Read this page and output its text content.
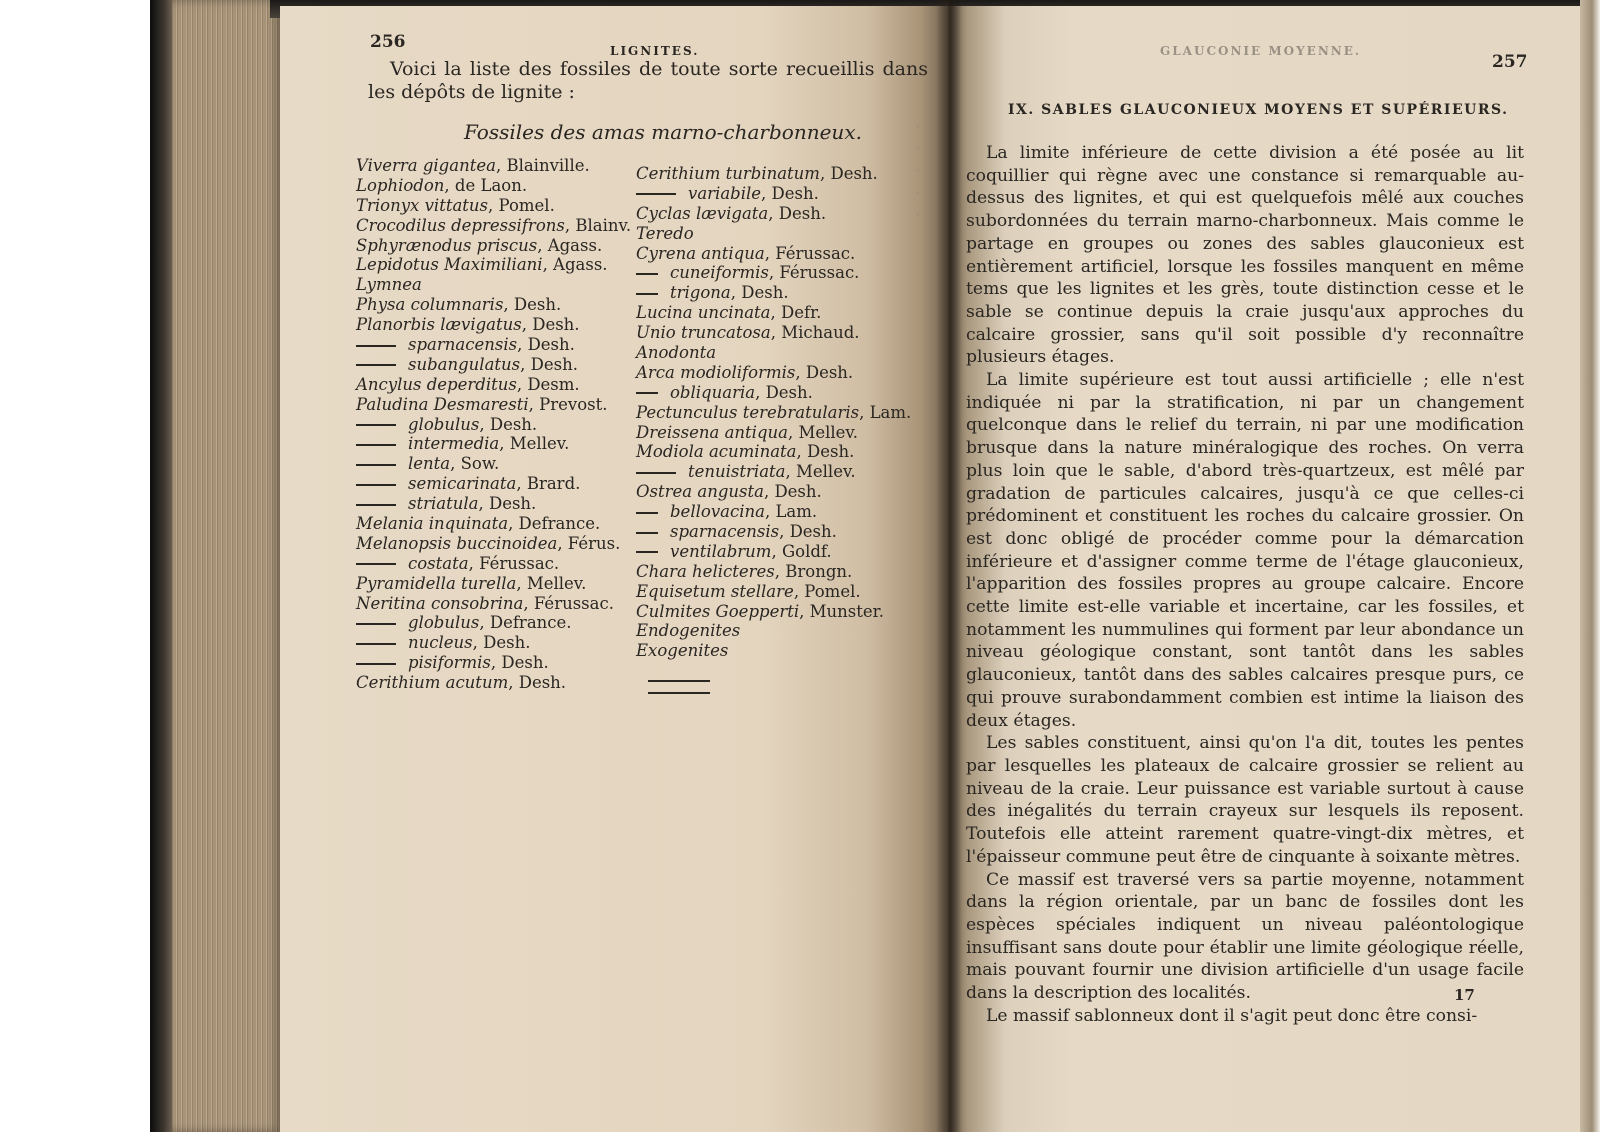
·
·
·
·
·
256	LIGNITES.
Voici la liste des fossiles de toute sorte recueillis dans les dépôts de lignite :
Fossiles des amas marno-charbonneux.
Viverra gigantea, Blainville.
Lophiodon, de Laon.
Trionyx vittatus, Pomel.
Crocodilus depressifrons, Blainv.
Sphyrænodus priscus, Agass.
Lepidotus Maximiliani, Agass.
Lymnea
Physa columnaris, Desh.
Planorbis lævigatus, Desh.
sparnacensis, Desh.
subangulatus, Desh.
Ancylus deperditus, Desm.
Paludina Desmaresti, Prevost.
globulus, Desh.
intermedia, Mellev.
lenta, Sow.
semicarinata, Brard.
striatula, Desh.
Melania inquinata, Defrance.
Melanopsis buccinoidea, Férus.
costata, Férussac.
Pyramidella turella, Mellev.
Neritina consobrina, Férussac.
globulus, Defrance.
nucleus, Desh.
pisiformis, Desh.
Cerithium acutum, Desh.
Cerithium turbinatum, Desh.
variabile, Desh.
Cyclas lævigata, Desh.
Teredo
Cyrena antiqua, Férussac.
cuneiformis, Férussac.
trigona, Desh.
Lucina uncinata, Defr.
Unio truncatosa, Michaud.
Anodonta
Arca modioliformis, Desh.
obliquaria, Desh.
Pectunculus terebratularis, Lam.
Dreissena antiqua, Mellev.
Modiola acuminata, Desh.
tenuistriata, Mellev.
Ostrea angusta, Desh.
bellovacina, Lam.
sparnacensis, Desh.
ventilabrum, Goldf.
Chara helicteres, Brongn.
Equisetum stellare, Pomel.
Culmites Goepperti, Munster.
Endogenites
Exogenites
GLAUCONIE MOYENNE.
257
IX. SABLES GLAUCONIEUX MOYENS ET SUPÉRIEURS.

La limite inférieure de cette division a été posée au lit coquillier qui règne avec une constance si remarquable au-dessus des lignites, et qui est quelquefois mêlé aux couches subordonnées du terrain marno-charbonneux. Mais comme le partage en groupes ou zones des sables glauconieux est entièrement artificiel, lorsque les fossiles manquent en même tems que les lignites et les grès, toute distinction cesse et le sable se continue depuis la craie jusqu'aux approches du calcaire grossier, sans qu'il soit possible d'y reconnaître plusieurs étages.

La limite supérieure est tout aussi artificielle ; elle n'est indiquée ni par la stratification, ni par un changement quelconque dans le relief du terrain, ni par une modification brusque dans la nature minéralogique des roches. On verra plus loin que le sable, d'abord très-quartzeux, est mêlé par gradation de particules calcaires, jusqu'à ce que celles-ci prédominent et constituent les roches du calcaire grossier. On est donc obligé de procéder comme pour la démarcation inférieure et d'assigner comme terme de l'étage glauconieux, l'apparition des fossiles propres au groupe calcaire. Encore cette limite est-elle variable et incertaine, car les fossiles, et notamment les nummulines qui forment par leur abondance un niveau géologique constant, sont tantôt dans les sables glauconieux, tantôt dans des sables calcaires presque purs, ce qui prouve surabondamment combien est intime la liaison des deux étages.

Les sables constituent, ainsi qu'on l'a dit, toutes les pentes par lesquelles les plateaux de calcaire grossier se relient au niveau de la craie. Leur puissance est variable surtout à cause des inégalités du terrain crayeux sur lesquels ils reposent. Toutefois elle atteint rarement quatre-vingt-dix mètres, et l'épaisseur commune peut être de cinquante à soixante mètres.

Ce massif est traversé vers sa partie moyenne, notamment dans la région orientale, par un banc de fossiles dont les espèces spéciales indiquent un niveau paléontologique insuffisant sans doute pour établir une limite géologique réelle, mais pouvant fournir une division artificielle d'un usage facile dans la description des localités.

Le massif sablonneux dont il s'agit peut donc être consi-

17
